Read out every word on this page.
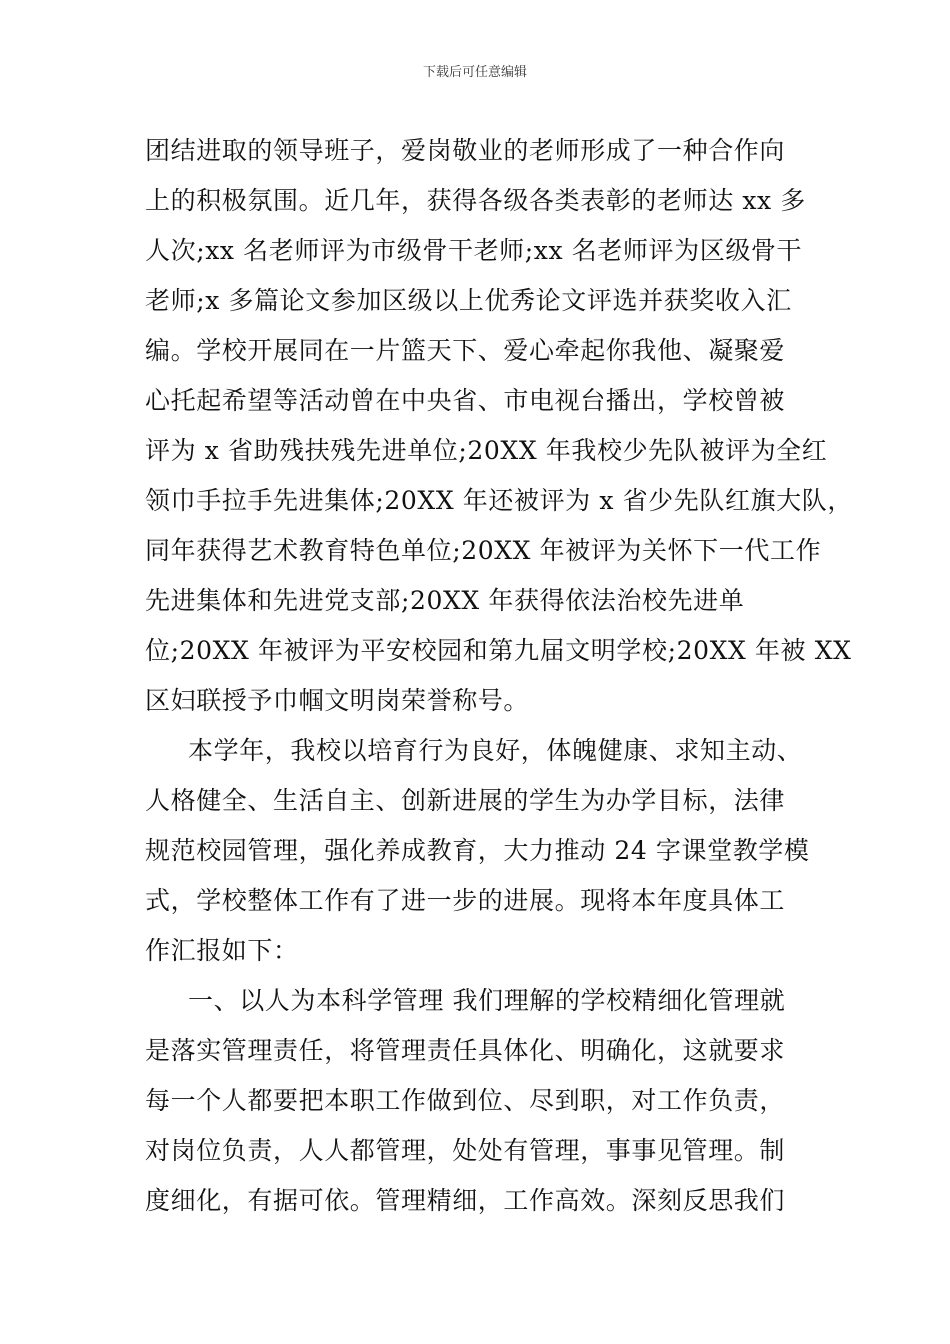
下载后可任意编辑
团结进取的领导班子，爱岗敬业的老师形成了一种合作向
上的积极氛围。近几年，获得各级各类表彰的老师达 xx 多
人次;xx 名老师评为市级骨干老师;xx 名老师评为区级骨干
老师;x 多篇论文参加区级以上优秀论文评选并获奖收入汇
编。学校开展同在一片篮天下、爱心牵起你我他、凝聚爱
心托起希望等活动曾在中央省、市电视台播出，学校曾被
评为 x 省助残扶残先进单位;20XX 年我校少先队被评为全红
领巾手拉手先进集体;20XX 年还被评为 x 省少先队红旗大队，
同年获得艺术教育特色单位;20XX 年被评为关怀下一代工作
先进集体和先进党支部;20XX 年获得依法治校先进单
位;20XX 年被评为平安校园和第九届文明学校;20XX 年被 XX
区妇联授予巾帼文明岗荣誉称号。
本学年，我校以培育行为良好，体魄健康、求知主动、
人格健全、生活自主、创新进展的学生为办学目标，法律
规范校园管理，强化养成教育，大力推动 24 字课堂教学模
式，学校整体工作有了进一步的进展。现将本年度具体工
作汇报如下：
一、以人为本科学管理 我们理解的学校精细化管理就
是落实管理责任，将管理责任具体化、明确化，这就要求
每一个人都要把本职工作做到位、尽到职，对工作负责，
对岗位负责，人人都管理，处处有管理，事事见管理。制
度细化，有据可依。管理精细，工作高效。深刻反思我们
